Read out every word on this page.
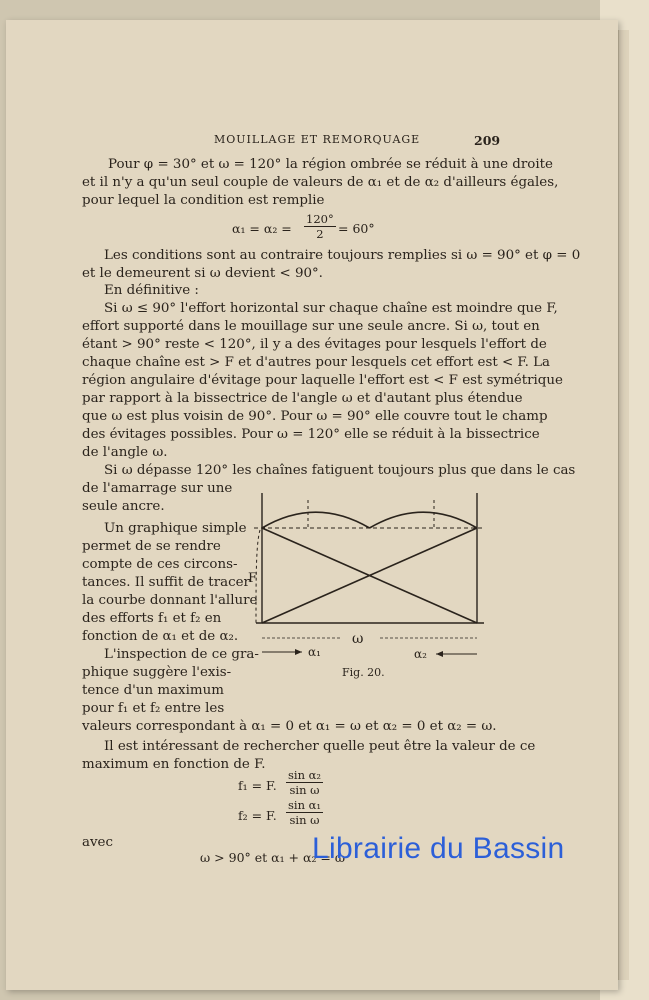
MOUILLAGE ET REMORQUAGE	209
Pour φ = 30° et ω = 120° la région ombrée se réduit à une droite
et il n'y a qu'un seul couple de valeurs de α₁ et de α₂ d'ailleurs égales,
pour lequel la condition est remplie
$\alpha_1 = \alpha_2 = \frac{120^\circ}{2} = 60^\circ$
Les conditions sont au contraire toujours remplies si ω = 90° et φ = 0
et le demeurent si ω devient < 90°.
En définitive :
Si ω ≤ 90° l'effort horizontal sur chaque chaîne est moindre que F,
effort supporté dans le mouillage sur une seule ancre. Si ω, tout en
étant > 90° reste < 120°, il y a des évitages pour lesquels l'effort de
chaque chaîne est > F et d'autres pour lesquels cet effort est < F. La
région angulaire d'évitage pour laquelle l'effort est < F est symétrique
par rapport à la bissectrice de l'angle ω et d'autant plus étendue
que ω est plus voisin de 90°. Pour ω = 90° elle couvre tout le champ
des évitages possibles. Pour ω = 120° elle se réduit à la bissectrice
de l'angle ω.
Si ω dépasse 120° les chaînes fatiguent toujours plus que dans le cas
de l'amarrage sur une
seule ancre.
Un graphique simple
permet de se rendre
compte de ces circons-
tances. Il suffit de tracer
la courbe donnant l'allure
des efforts f₁ et f₂ en
fonction de α₁ et de α₂.
L'inspection de ce gra-
phique suggère l'exis-
tence d'un maximum
pour f₁ et f₂ entre les
valeurs correspondant à α₁ = 0 et α₁ = ω et α₂ = 0 et α₂ = ω.
Il est intéressant de rechercher quelle peut être la valeur de ce
maximum en fonction de F.
f₁ = F. $\frac{\text{sin α₂}}{\text{sin ω}}$
f₂ = F. $\frac{\text{sin α₁}}{\text{sin ω}}$
avec
ω > 90° et α₁ + α₂ = ω
ω
α₁	α₂
F
Fig. 20.
Librairie du Bassin
